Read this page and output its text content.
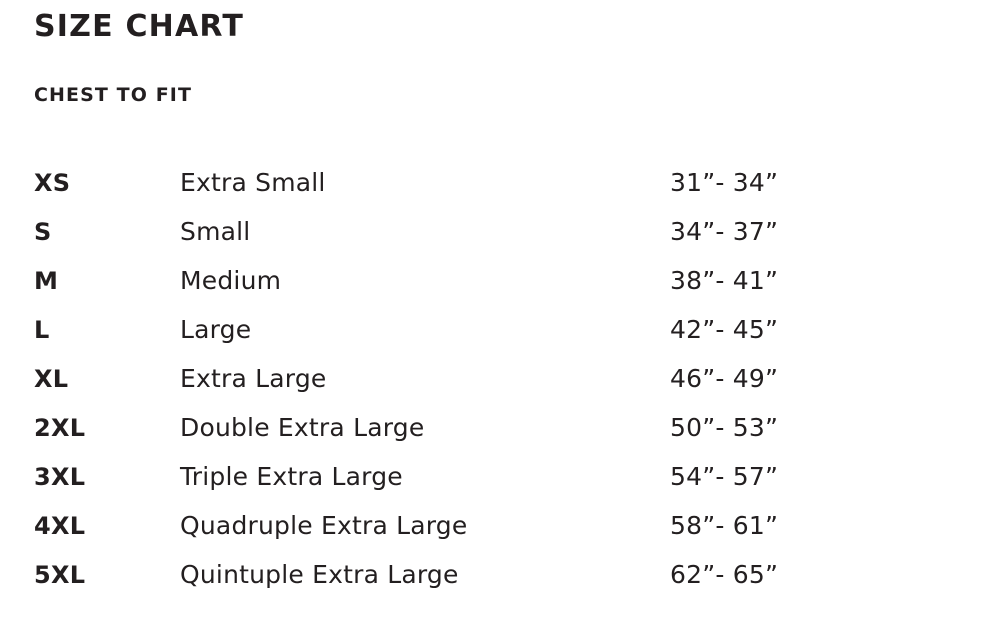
SIZE CHART
CHEST TO FIT
XS	Extra Small	31”- 34”
S	Small	34”- 37”
M	Medium	38”- 41”
L	Large	42”- 45”
XL	Extra Large	46”- 49”
2XL	Double Extra Large	50”- 53”
3XL	Triple Extra Large	54”- 57”
4XL	Quadruple Extra Large	58”- 61”
5XL	Quintuple Extra Large	62”- 65”
